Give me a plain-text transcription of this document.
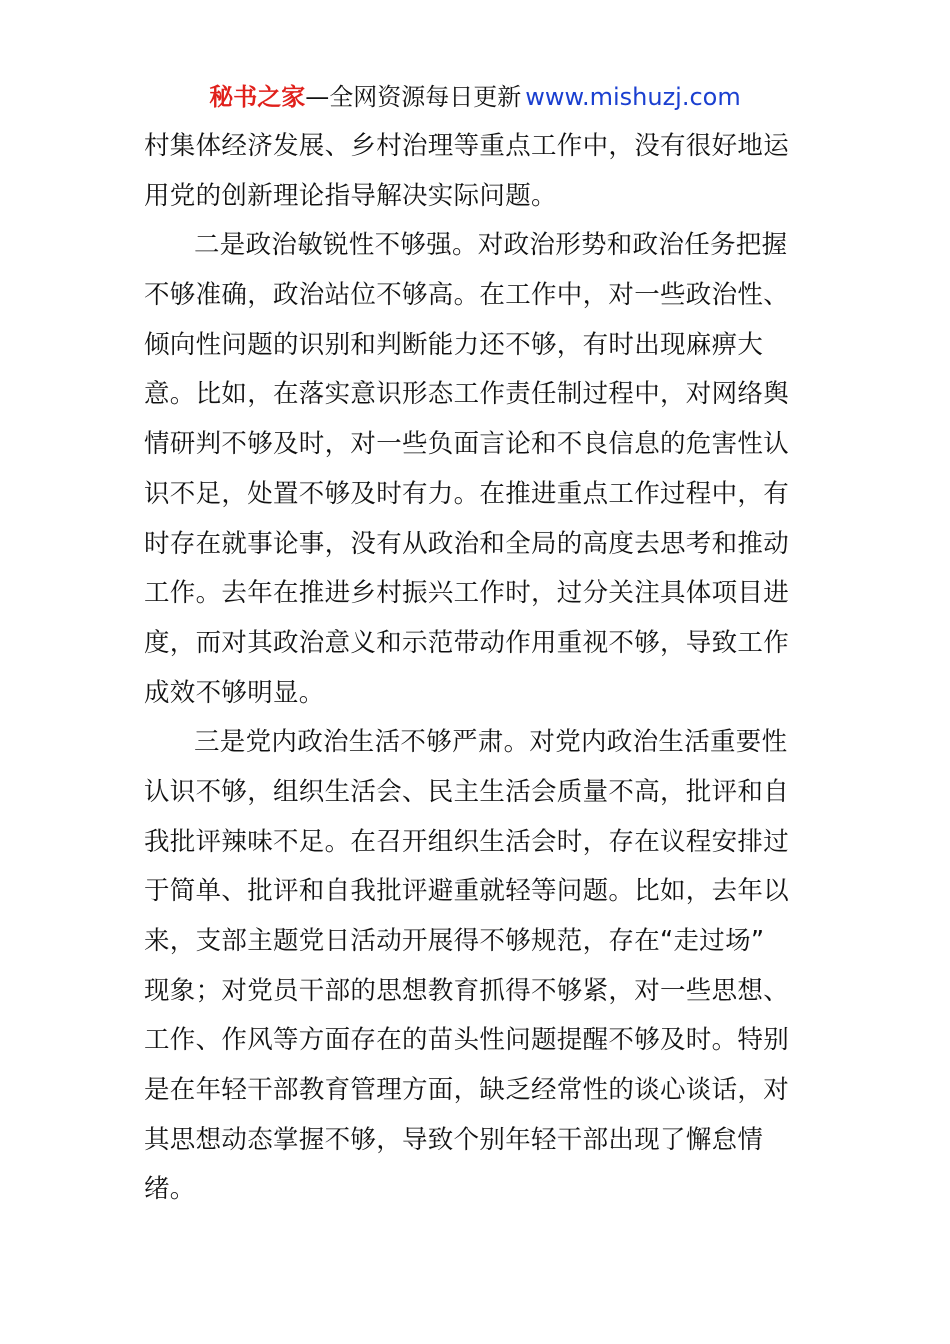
秘书之家—全网资源每日更新 www.mishuzj.com
村集体经济发展、乡村治理等重点工作中，没有很好地运
用党的创新理论指导解决实际问题。
二是政治敏锐性不够强。对政治形势和政治任务把握
不够准确，政治站位不够高。在工作中，对一些政治性、
倾向性问题的识别和判断能力还不够，有时出现麻痹大
意。比如，在落实意识形态工作责任制过程中，对网络舆
情研判不够及时，对一些负面言论和不良信息的危害性认
识不足，处置不够及时有力。在推进重点工作过程中，有
时存在就事论事，没有从政治和全局的高度去思考和推动
工作。去年在推进乡村振兴工作时，过分关注具体项目进
度，而对其政治意义和示范带动作用重视不够，导致工作
成效不够明显。
三是党内政治生活不够严肃。对党内政治生活重要性
认识不够，组织生活会、民主生活会质量不高，批评和自
我批评辣味不足。在召开组织生活会时，存在议程安排过
于简单、批评和自我批评避重就轻等问题。比如，去年以
来，支部主题党日活动开展得不够规范，存在“走过场”
现象；对党员干部的思想教育抓得不够紧，对一些思想、
工作、作风等方面存在的苗头性问题提醒不够及时。特别
是在年轻干部教育管理方面，缺乏经常性的谈心谈话，对
其思想动态掌握不够，导致个别年轻干部出现了懈怠情
绪。
